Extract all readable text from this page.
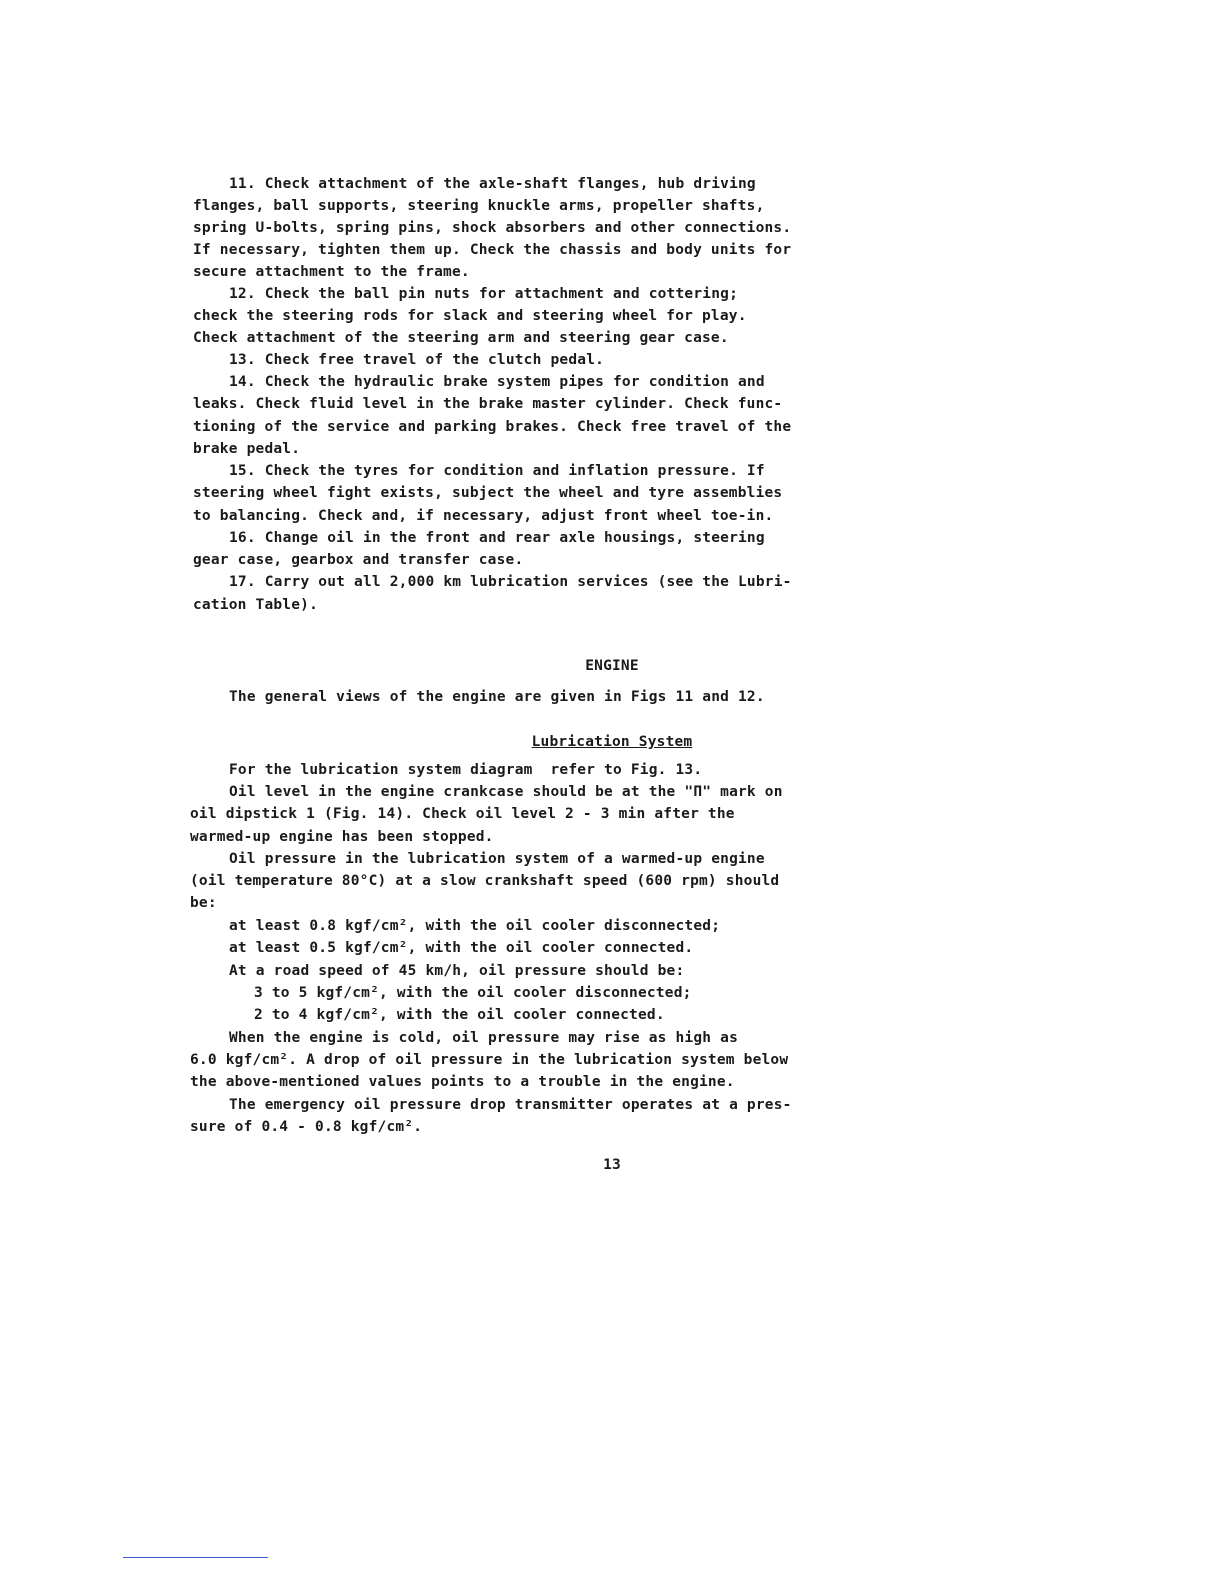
11. Check attachment of the axle-shaft flanges, hub driving
flanges, ball supports, steering knuckle arms, propeller shafts,
spring U-bolts, spring pins, shock absorbers and other connections.
If necessary, tighten them up. Check the chassis and body units for
secure attachment to the frame.
12. Check the ball pin nuts for attachment and cottering;
check the steering rods for slack and steering wheel for play.
Check attachment of the steering arm and steering gear case.
13. Check free travel of the clutch pedal.
14. Check the hydraulic brake system pipes for condition and
leaks. Check fluid level in the brake master cylinder. Check func-
tioning of the service and parking brakes. Check free travel of the
brake pedal.
15. Check the tyres for condition and inflation pressure. If
steering wheel fight exists, subject the wheel and tyre assemblies
to balancing. Check and, if necessary, adjust front wheel toe-in.
16. Change oil in the front and rear axle housings, steering
gear case, gearbox and transfer case.
17. Carry out all 2,000 km lubrication services (see the Lubri-
cation Table).
ENGINE
The general views of the engine are given in Figs 11 and 12.
Lubrication System
For the lubrication system diagram  refer to Fig. 13.
Oil level in the engine crankcase should be at the "П" mark on
oil dipstick 1 (Fig. 14). Check oil level 2 - 3 min after the
warmed-up engine has been stopped.
Oil pressure in the lubrication system of a warmed-up engine
(oil temperature 80°C) at a slow crankshaft speed (600 rpm) should
be:
at least 0.8 kgf/cm², with the oil cooler disconnected;
at least 0.5 kgf/cm², with the oil cooler connected.
At a road speed of 45 km/h, oil pressure should be:
3 to 5 kgf/cm², with the oil cooler disconnected;
2 to 4 kgf/cm², with the oil cooler connected.
When the engine is cold, oil pressure may rise as high as
6.0 kgf/cm². A drop of oil pressure in the lubrication system below
the above-mentioned values points to a trouble in the engine.
The emergency oil pressure drop transmitter operates at a pres-
sure of 0.4 - 0.8 kgf/cm².
13
